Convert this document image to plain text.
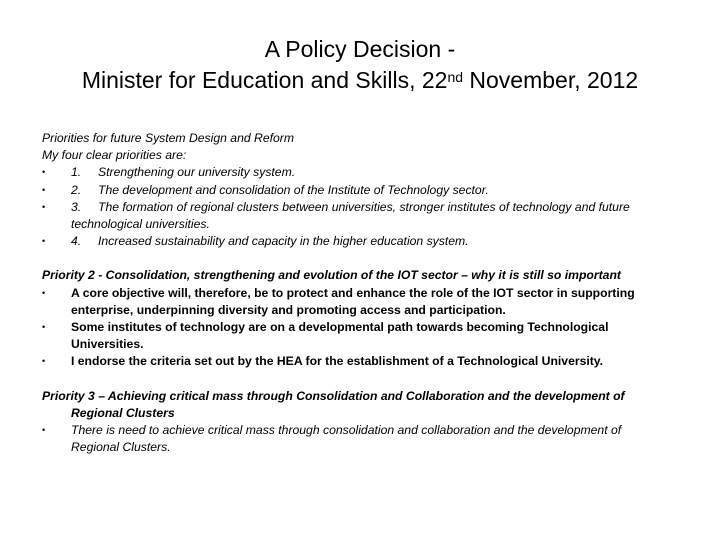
A Policy Decision -
Minister for Education and Skills, 22nd November, 2012

Priorities for future System Design and Reform

My four clear priorities are:

• 1. Strengthening our university system.

• 2. The development and consolidation of the Institute of Technology sector.

• 3. The formation of regional clusters between universities, stronger institutes of technology and future

technological universities.

• 4. Increased sustainability and capacity in the higher education system.

Priority 2 - Consolidation, strengthening and evolution of the IOT sector – why it is still so important

• A core objective will, therefore, be to protect and enhance the role of the IOT sector in supporting

enterprise, underpinning diversity and promoting access and participation.

• Some institutes of technology are on a developmental path towards becoming Technological

Universities.

• I endorse the criteria set out by the HEA for the establishment of a Technological University.

Priority 3 – Achieving critical mass through Consolidation and Collaboration and the development of

Regional Clusters

• There is need to achieve critical mass through consolidation and collaboration and the development of

Regional Clusters.
